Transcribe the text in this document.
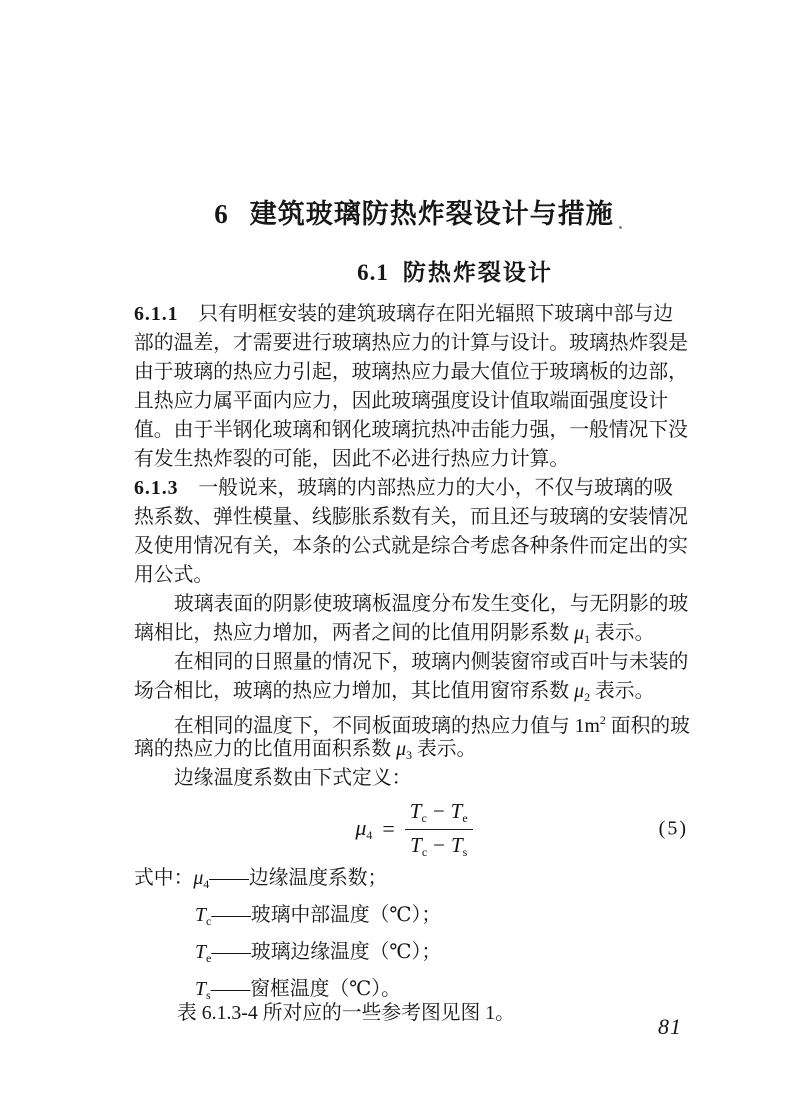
6 建筑玻璃防热炸裂设计与措施
6.1 防热炸裂设计
6.1.1　只有明框安装的建筑玻璃存在阳光辐照下玻璃中部与边
部的温差，才需要进行玻璃热应力的计算与设计。玻璃热炸裂是
由于玻璃的热应力引起，玻璃热应力最大值位于玻璃板的边部，
且热应力属平面内应力，因此玻璃强度设计值取端面强度设计
值。由于半钢化玻璃和钢化玻璃抗热冲击能力强，一般情况下没
有发生热炸裂的可能，因此不必进行热应力计算。
6.1.3　一般说来，玻璃的内部热应力的大小，不仅与玻璃的吸
热系数、弹性模量、线膨胀系数有关，而且还与玻璃的安装情况
及使用情况有关，本条的公式就是综合考虑各种条件而定出的实
用公式。
玻璃表面的阴影使玻璃板温度分布发生变化，与无阴影的玻
璃相比，热应力增加，两者之间的比值用阴影系数 $\mu_1$ 表示。
在相同的日照量的情况下，玻璃内侧装窗帘或百叶与未装的
场合相比，玻璃的热应力增加，其比值用窗帘系数 $\mu_2$ 表示。
在相同的温度下，不同板面玻璃的热应力值与 $1m^2$ 面积的玻
璃的热应力的比值用面积系数 $\mu_3$ 表示。
边缘温度系数由下式定义：
$\mu_4 = \frac{T_c - T_e}{T_c - T_s}$	(5)
式中：$\mu_4——$边缘温度系数；
$T_c——$玻璃中部温度（℃）；
$T_e——$玻璃边缘温度（℃）；
$T_s——$窗框温度（℃）。
表 6.1.3-4 所对应的一些参考图见图 1。
81
